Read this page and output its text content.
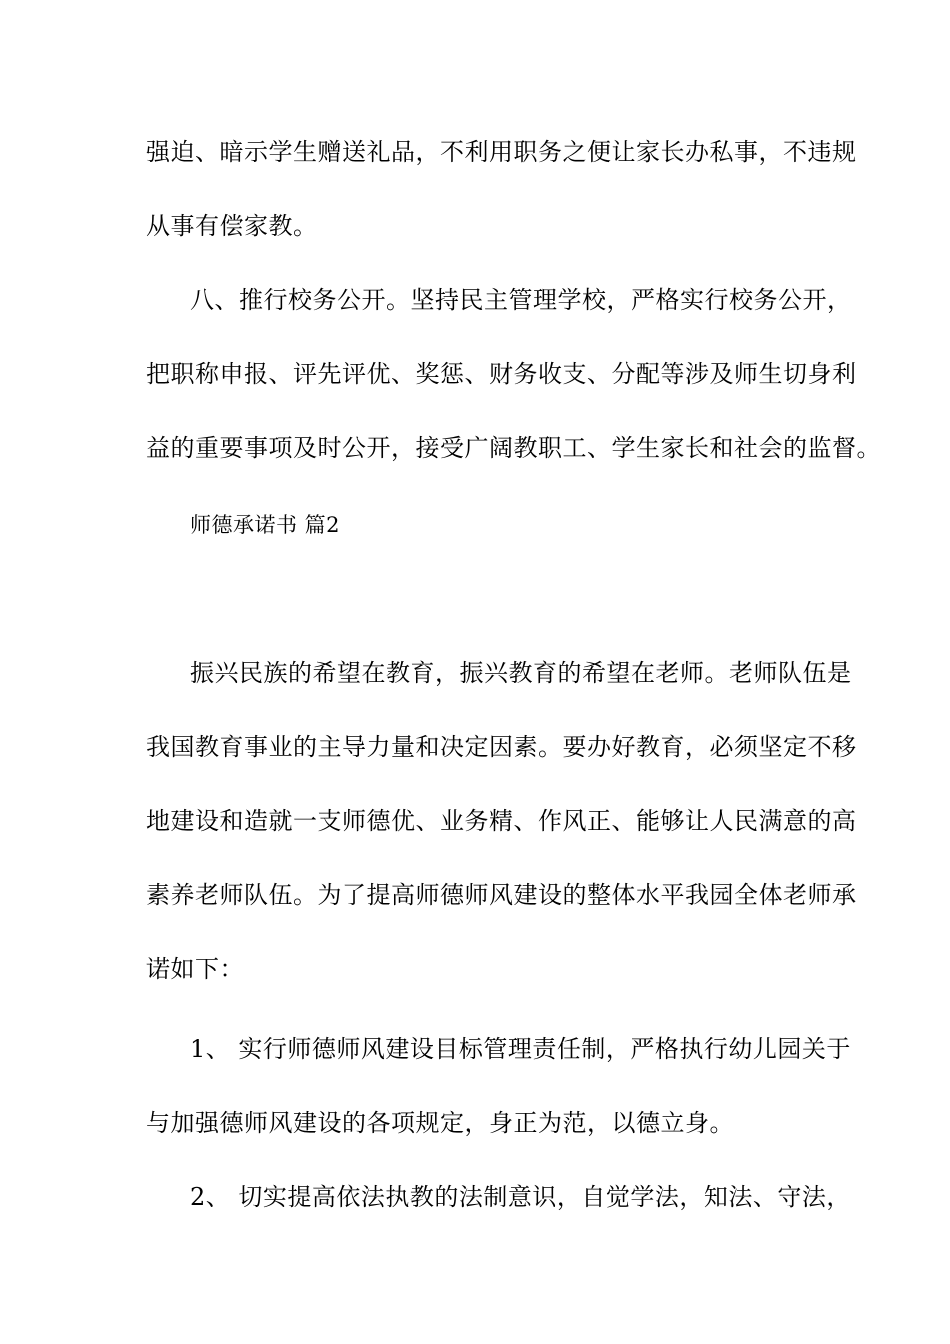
强迫、暗示学生赠送礼品，不利用职务之便让家长办私事，不违规

从事有偿家教。

八、推行校务公开。坚持民主管理学校，严格实行校务公开，

把职称申报、评先评优、奖惩、财务收支、分配等涉及师生切身利

益的重要事项及时公开，接受广阔教职工、学生家长和社会的监督。

师德承诺书 篇2

振兴民族的希望在教育，振兴教育的希望在老师。老师队伍是

我国教育事业的主导力量和决定因素。要办好教育，必须坚定不移

地建设和造就一支师德优、业务精、作风正、能够让人民满意的高

素养老师队伍。为了提高师德师风建设的整体水平我园全体老师承

诺如下：

1、 实行师德师风建设目标管理责任制，严格执行幼儿园关于

与加强德师风建设的各项规定，身正为范，以德立身。

2、 切实提高依法执教的法制意识，自觉学法，知法、守法，
